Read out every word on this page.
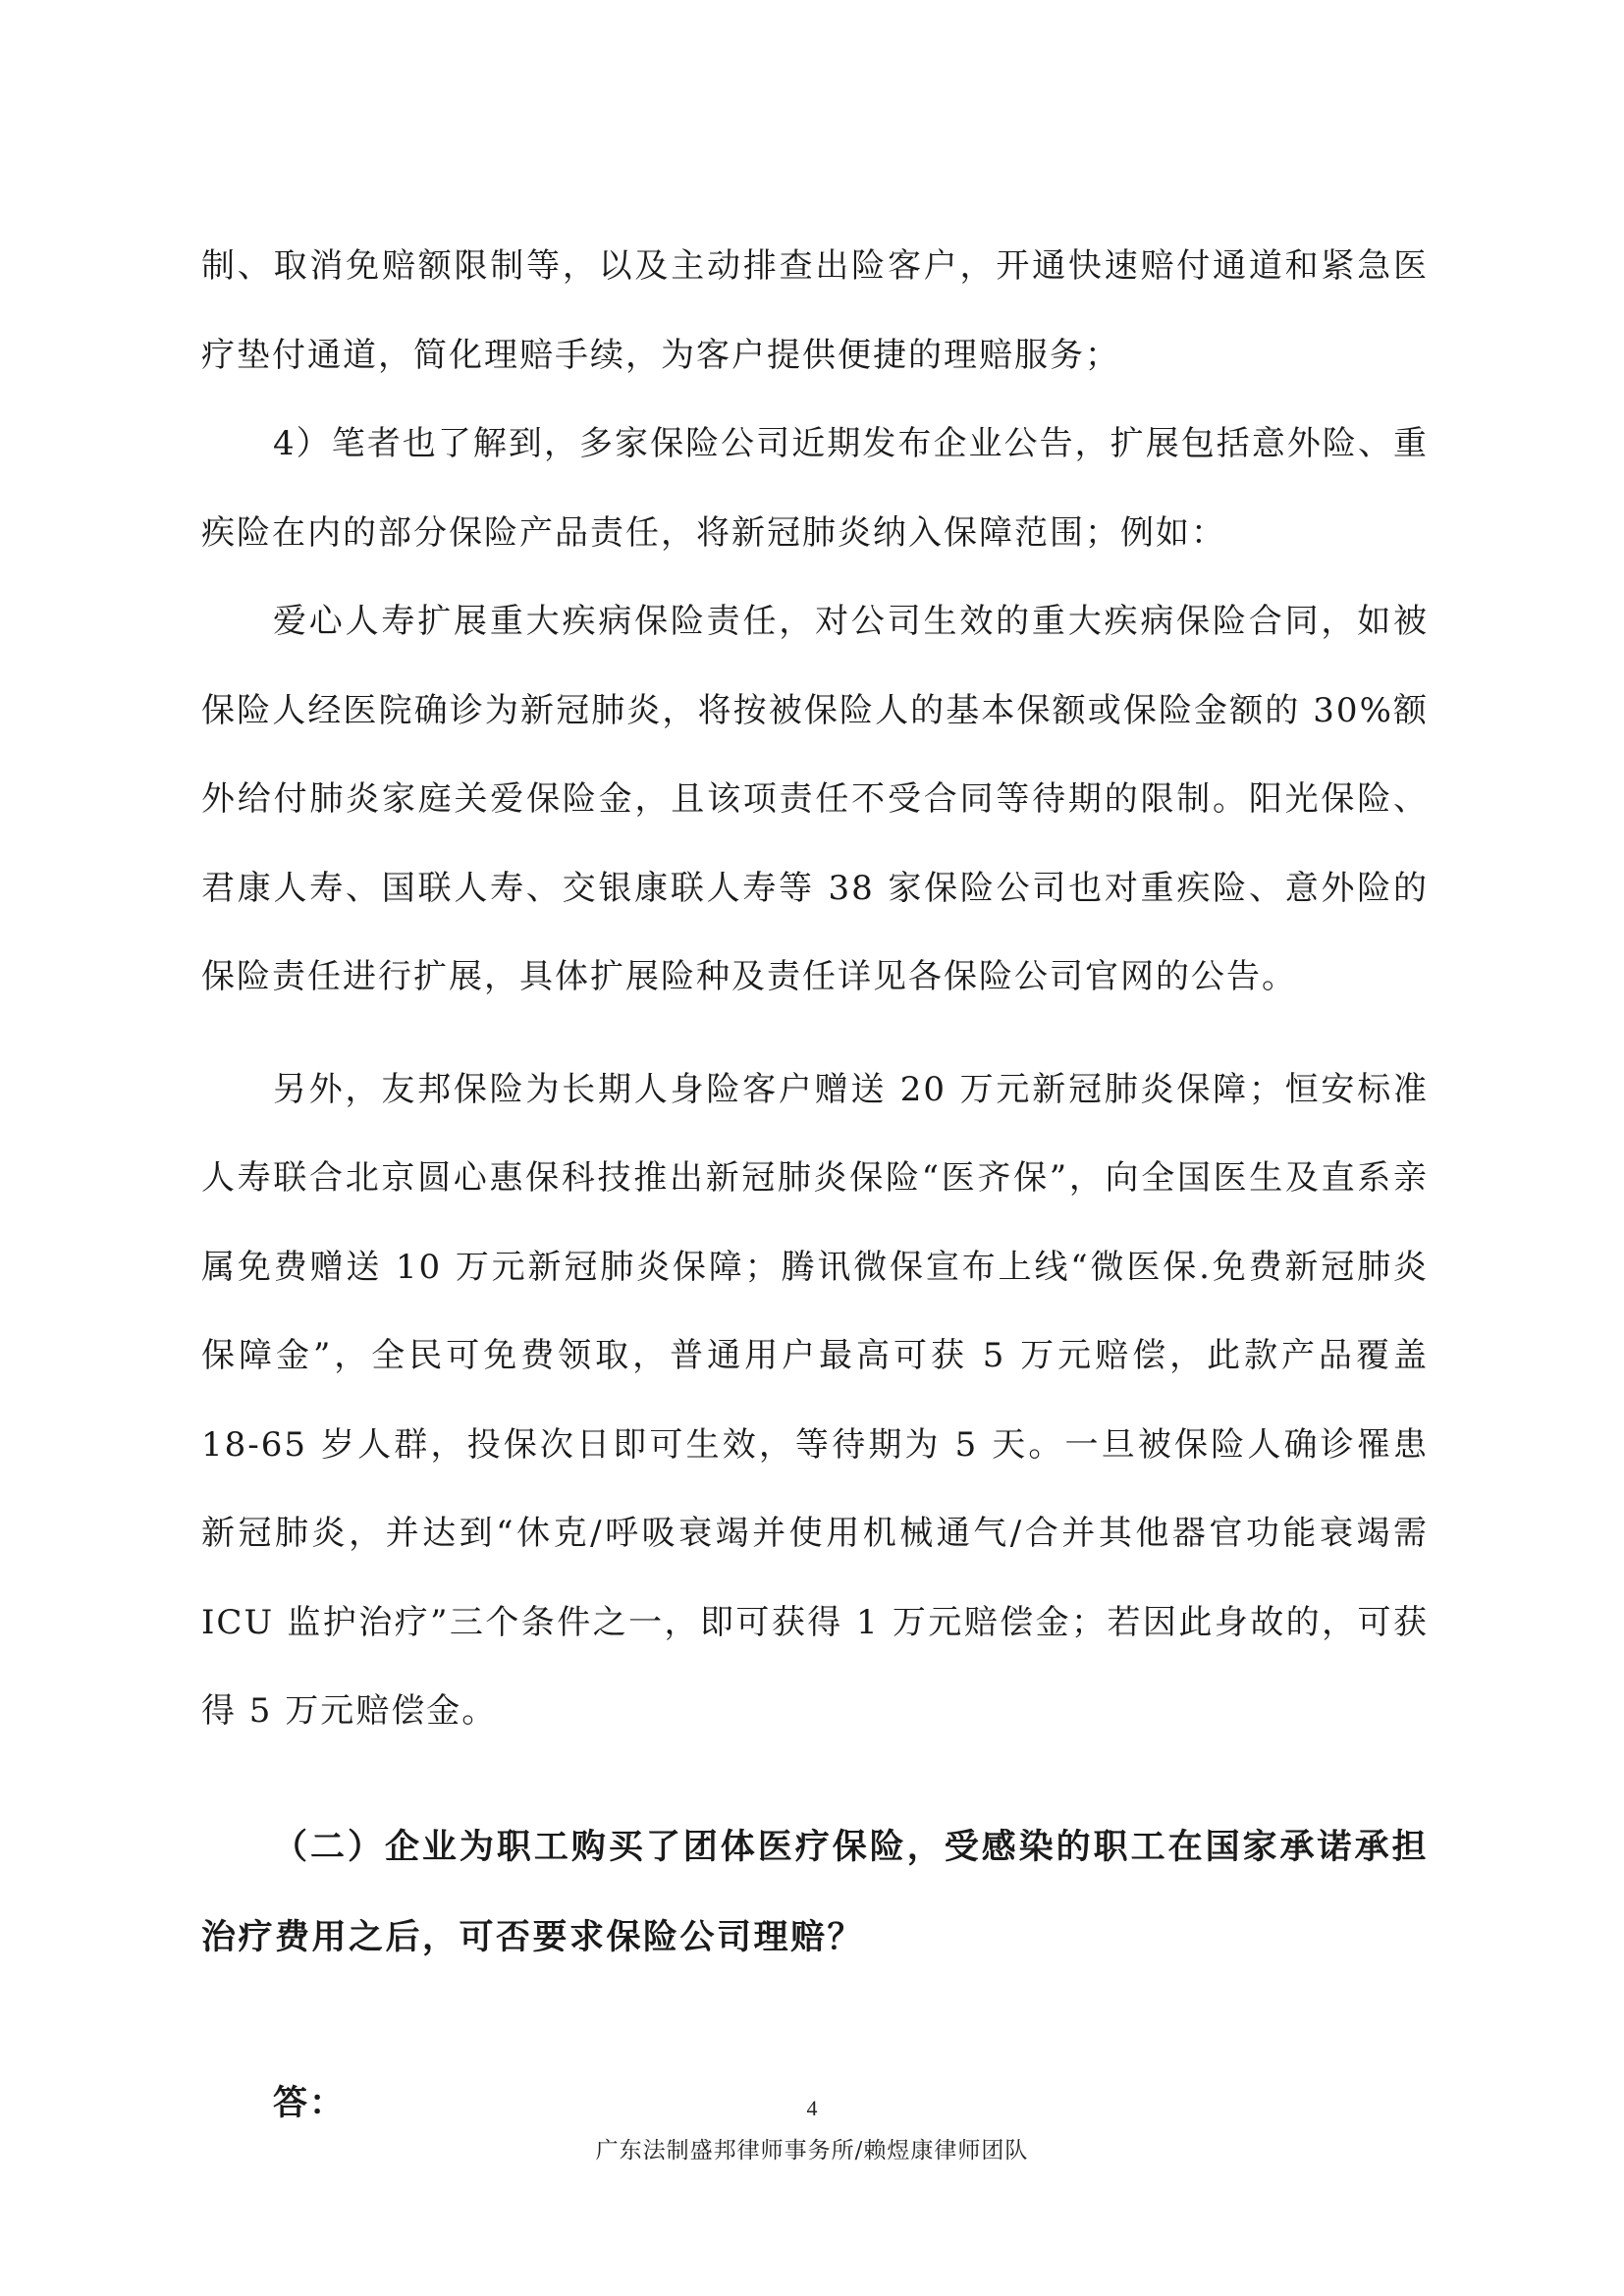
制、取消免赔额限制等，以及主动排查出险客户，开通快速赔付通道和紧急医疗垫付通道，简化理赔手续，为客户提供便捷的理赔服务；

4）笔者也了解到，多家保险公司近期发布企业公告，扩展包括意外险、重疾险在内的部分保险产品责任，将新冠肺炎纳入保障范围；例如：

爱心人寿扩展重大疾病保险责任，对公司生效的重大疾病保险合同，如被保险人经医院确诊为新冠肺炎，将按被保险人的基本保额或保险金额的 30%额外给付肺炎家庭关爱保险金，且该项责任不受合同等待期的限制。阳光保险、君康人寿、国联人寿、交银康联人寿等 38 家保险公司也对重疾险、意外险的保险责任进行扩展，具体扩展险种及责任详见各保险公司官网的公告。

另外，友邦保险为长期人身险客户赠送 20 万元新冠肺炎保障；恒安标准人寿联合北京圆心惠保科技推出新冠肺炎保险“医齐保”，向全国医生及直系亲属免费赠送 10 万元新冠肺炎保障；腾讯微保宣布上线“微医保.免费新冠肺炎保障金”，全民可免费领取，普通用户最高可获 5 万元赔偿，此款产品覆盖 18-65 岁人群，投保次日即可生效，等待期为 5 天。一旦被保险人确诊罹患新冠肺炎，并达到“休克/呼吸衰竭并使用机械通气/合并其他器官功能衰竭需 ICU 监护治疗”三个条件之一，即可获得 1 万元赔偿金；若因此身故的，可获得 5 万元赔偿金。

（二）企业为职工购买了团体医疗保险，受感染的职工在国家承诺承担治疗费用之后，可否要求保险公司理赔？
答：	4
广东法制盛邦律师事务所/赖煜康律师团队
